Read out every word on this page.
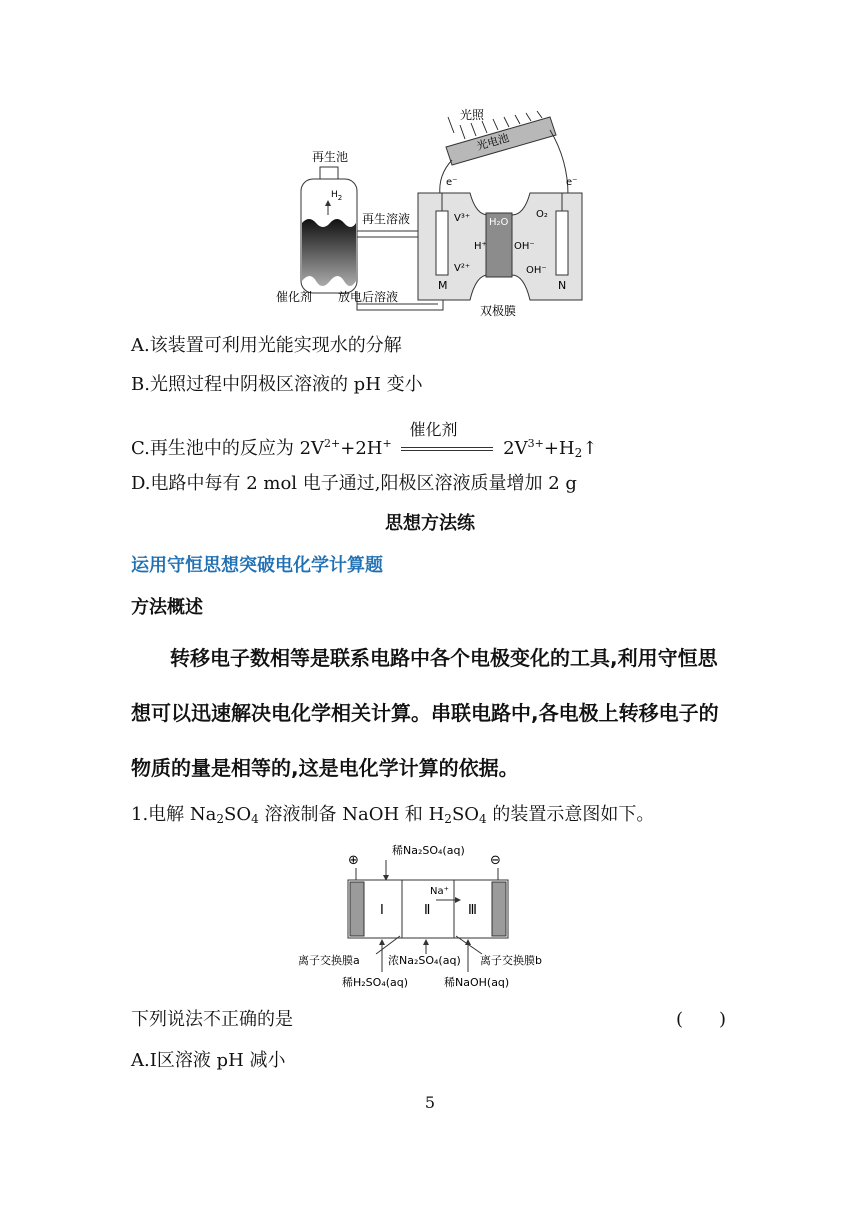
光照
光电池
e⁻	e⁻
再生池
$H_2$
再生溶液
放电后溶液
催化剂
V³⁺
V²⁺
H₂O
H⁺	OH⁻
O₂
OH⁻
M	N
双极膜
A.该装置可利用光能实现水的分解
B.光照过程中阴极区溶液的 pH 变小
C.再生池中的反应为 $2V^{2+}+2H^+$
催化剂
$2V^{3+}+H_2↑$
D.电路中每有 2 mol 电子通过,阳极区溶液质量增加 2 g
思想方法练
运用守恒思想突破电化学计算题
方法概述
转移电子数相等是联系电路中各个电极变化的工具,利用守恒思
想可以迅速解决电化学相关计算。串联电路中,各电极上转移电子的
物质的量是相等的,这是电化学计算的依据。
1.电解 $Na_2SO_4$ 溶液制备 NaOH 和 $H_2SO_4$ 的装置示意图如下。
⊕	⊖
稀Na₂SO₄(aq)
Ⅰ	Ⅱ	Ⅲ
Na⁺
离子交换膜a	浓Na₂SO₄(aq) 离子交换膜b
稀H₂SO₄(aq)	稀NaOH(aq)
下列说法不正确的是	(　　)
A.Ⅰ区溶液 pH 减小
5
